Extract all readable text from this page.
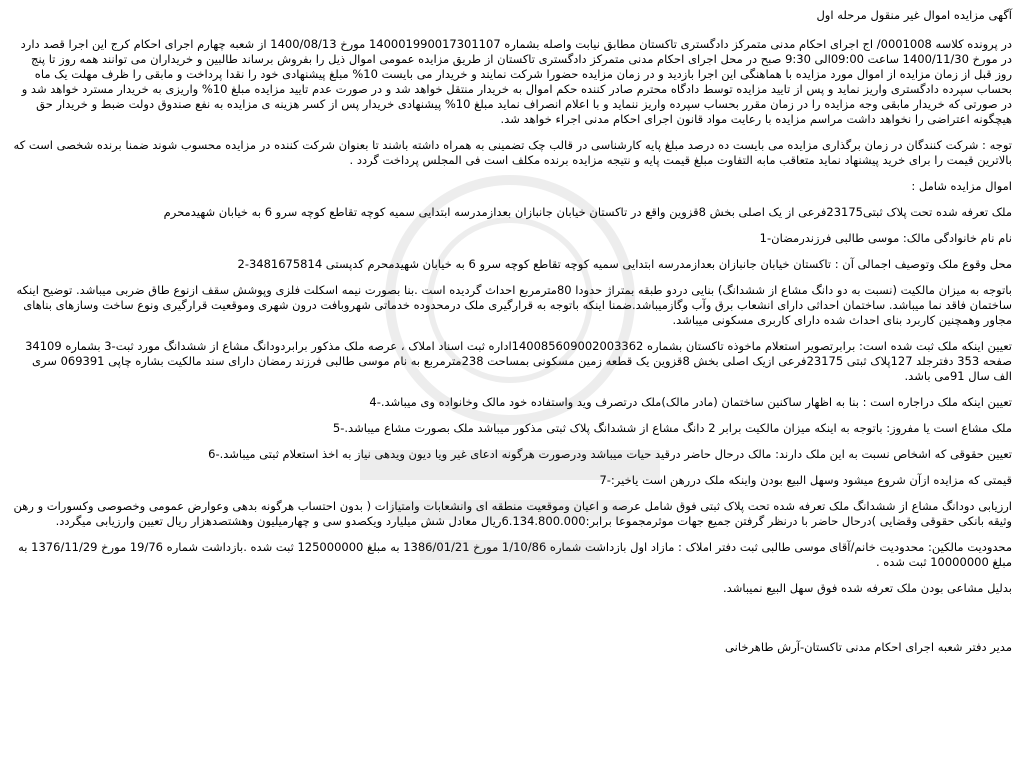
آگهی مزایده اموال غیر منقول مرحله اول

در پرونده کلاسه 0001008/ اج اجرای احکام مدنی متمرکز دادگستری تاکستان مطابق نیابت واصله بشماره 140001990017301107 مورخ 1400/08/13 از شعبه چهارم اجرای احکام کرج این اجرا قصد دارد در مورخ 1400/11/30 ساعت 09:00الی 9:30 صبح در محل اجرای احکام مدنی متمرکز دادگستری تاکستان از طریق مزایده عمومی اموال ذیل را بفروش برساند طالبین و خریداران می توانند همه روز تا پنج روز قبل از زمان مزایده از اموال مورد مزایده با هماهنگی این اجرا بازدید و در زمان مزایده حضورا شرکت نمایند و خریدار می بایست 10% مبلغ پیشنهادی خود را نقدا پرداخت و مابقی را ظرف مهلت یک ماه بحساب سپرده دادگستری واریز نماید و پس از تایید مزایده توسط دادگاه محترم صادر کننده حکم اموال به خریدار منتقل خواهد شد و در صورت عدم تایید مزایده مبلغ 10% واریزی به خریدار مسترد خواهد شد و در صورتی که خریدار مابقی وجه مزایده را در زمان مقرر بحساب سپرده واریز ننماید و با اعلام انصراف نماید مبلغ 10% پیشنهادی خریدار پس از کسر هزینه ی مزایده به نفع صندوق دولت ضبط و خریدار حق هیچگونه اعتراضی را نخواهد داشت مراسم مزایده با رعایت مواد قانون اجرای احکام مدنی اجراء خواهد شد.

توجه : شرکت کنندگان در زمان برگذاری مزایده می بایست ده درصد مبلغ پایه کارشناسی در قالب چک تضمینی به همراه داشته باشند تا بعنوان شرکت کننده در مزایده محسوب شوند ضمنا برنده شخصی است که بالاترین قیمت را برای خرید پیشنهاد نماید متعاقب مابه التفاوت مبلغ قیمت پایه و نتیجه مزایده برنده مکلف است فی المجلس پرداخت گردد .

اموال مزایده شامل :

ملک تعرفه شده تحت پلاک ثبتی23175فرعی از یک اصلی بخش 8قزوین واقع در تاکستان خیابان جانبازان بعدازمدرسه ابتدایی سمیه کوچه تقاطع کوچه سرو 6 به خیابان شهیدمحرم

نام نام خانوادگی مالک: موسی طالبی فرزندرمضان-1

محل وقوع ملک وتوصیف اجمالی آن : تاکستان خیابان جانبازان بعدازمدرسه ابتدایی سمیه کوچه تقاطع کوچه سرو 6 به خیابان شهیدمحرم کدپستی 3481675814-2

باتوجه به میزان مالکیت (نسبت به دو دانگ مشاع از ششدانگ) بنایی دردو طبقه بمتراژ حدودا 80مترمربع احداث گردیده است .بنا بصورت نیمه اسکلت فلزی وپوشش سقف ازنوع طاق ضربی میباشد. توضیح اینکه ساختمان فاقد نما میباشد. ساختمان احداثی دارای انشعاب برق وآب وگازمیباشد.ضمنا اینکه باتوجه به قرارگیری ملک درمحدوده خدماتی شهروبافت درون شهری وموقعیت قرارگیری ونوع ساخت وسازهای بناهای مجاور وهمچنین کاربرد بنای احداث شده دارای کاربری مسکونی میباشد.

تعیین اینکه ملک ثبت شده است: برابرتصویر استعلام ماخوذه تاکستان بشماره 140085609002003362اداره ثبت اسناد املاک ، عرصه ملک مذکور برابردودانگ مشاع از ششدانگ مورد ثبت-3 بشماره 34109 صفحه 353 دفترجلد 127پلاک ثبتی 23175فرعی ازیک اصلی بخش 8قزوین یک قطعه زمین مسکونی بمساحت 238مترمربع به نام موسی طالبی فرزند رمضان دارای سند مالکیت بشاره چاپی 069391 سری الف سال 91می باشد.

تعیین اینکه ملک دراجاره است : بنا به اظهار ساکنین ساختمان (مادر مالک)ملک درتصرف وید واستفاده خود مالک وخانواده وی میباشد.-4

ملک مشاع است یا مفروز: باتوجه به اینکه میزان مالکیت برابر 2 دانگ مشاع از ششدانگ پلاک ثبتی مذکور میباشد ملک بصورت مشاع میباشد.-5

تعیین حقوقی که اشخاص نسبت به این ملک دارند: مالک درحال حاضر درقید حیات میباشد ودرصورت هرگونه ادعای غیر ویا دیون ویدهی نیاز به اخذ استعلام ثبتی میباشد.-6

قیمتی که مزایده ازآن شروع میشود وسهل البیع بودن واینکه ملک دررهن است یاخیر:-7

ارزیابی دودانگ مشاع از ششدانگ ملک تعرفه شده تحت پلاک ثبتی فوق شامل عرصه و اعیان وموقعیت منطقه ای وانشعابات وامتیازات ( بدون احتساب هرگونه بدهی وعوارض عمومی وخصوصی وکسورات و رهن وثیقه بانکی حقوقی وقضایی )درحال حاضر با درنظر گرفتن جمیع جهات موثرمجموعا برابر:6.134.800.000ریال معادل شش میلیارد ویکصدو سی و چهارمیلیون وهشتصدهزار ریال تعیین وارزیابی میگردد.

محدودیت مالکین: محدودیت خانم/آقای موسی طالبی ثبت دفتر املاک : مازاد اول بازداشت شماره 1/10/86 مورخ 1386/01/21 به مبلغ 125000000 ثبت شده .بازداشت شماره 19/76 مورخ 1376/11/29 به مبلغ 10000000 ثبت شده .

بدلیل مشاعی بودن ملک تعرفه شده فوق سهل البیع نمیباشد.

مدیر دفتر شعبه اجرای احکام مدنی تاکستان-آرش طاهرخانی
